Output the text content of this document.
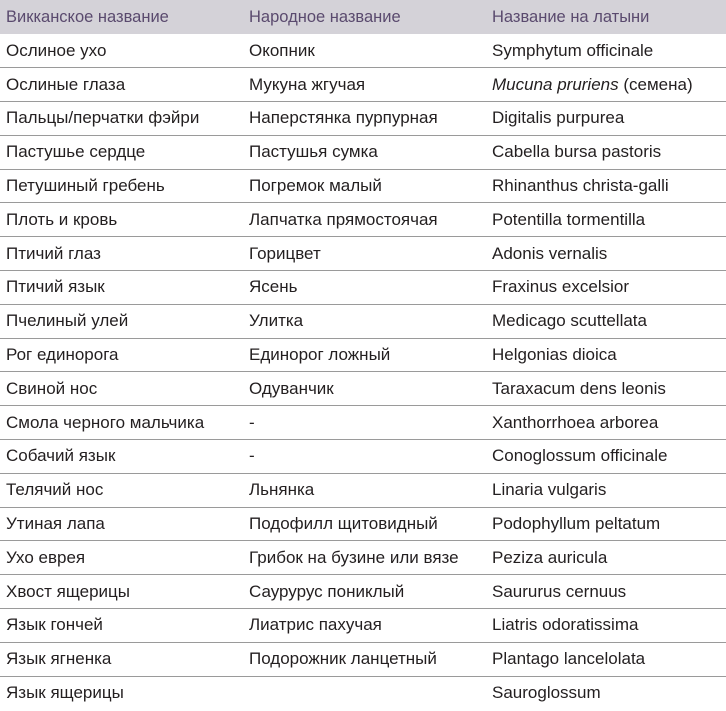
Викканское название	Народное название	Название на латыни
Ослиное ухо	Окопник	Symphytum officinale
Ослиные глаза	Мукуна жгучая	Mucuna pruriens (семена)
Пальцы/перчатки фэйри	Наперстянка пурпурная	Digitalis purpurea
Пастушье сердце	Пастушья сумка	Cabella bursa pastoris
Петушиный гребень	Погремок малый	Rhinanthus christa-galli
Плоть и кровь	Лапчатка прямостоячая	Potentilla tormentilla
Птичий глаз	Горицвет	Adonis vernalis
Птичий язык	Ясень	Fraxinus excelsior
Пчелиный улей	Улитка	Medicago scuttellata
Рог единорога	Единорог ложный	Helgonias dioica
Свиной нос	Одуванчик	Taraxacum dens leonis
Смола черного мальчика	-	Xanthorrhoea arborea
Собачий язык	-	Conoglossum officinale
Телячий нос	Льнянка	Linaria vulgaris
Утиная лапа	Подофилл щитовидный	Podophyllum peltatum
Ухо еврея	Грибок на бузине или вязе	Peziza auricula
Хвост ящерицы	Саурурус пониклый	Saururus cernuus
Язык гончей	Лиатрис пахучая	Liatris odoratissima
Язык ягненка	Подорожник ланцетный	Plantago lancelolata
Язык ящерицы		Sauroglossum
